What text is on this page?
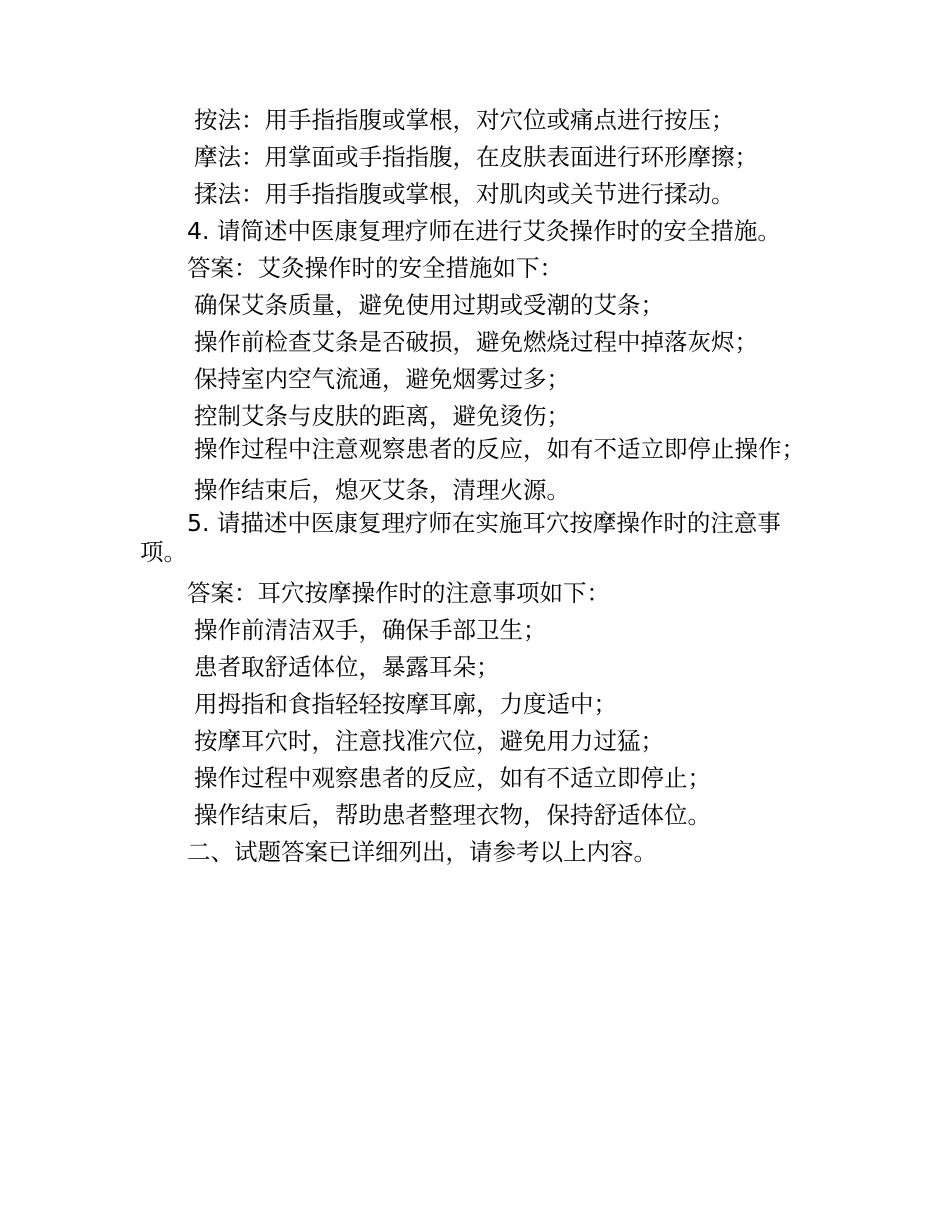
按法：用手指指腹或掌根，对穴位或痛点进行按压；
摩法：用掌面或手指指腹，在皮肤表面进行环形摩擦；
揉法：用手指指腹或掌根，对肌肉或关节进行揉动。
4. 请简述中医康复理疗师在进行艾灸操作时的安全措施。
答案：艾灸操作时的安全措施如下：
确保艾条质量，避免使用过期或受潮的艾条；
操作前检查艾条是否破损，避免燃烧过程中掉落灰烬；
保持室内空气流通，避免烟雾过多；
控制艾条与皮肤的距离，避免烫伤；
操作过程中注意观察患者的反应，如有不适立即停止操作；
操作结束后，熄灭艾条，清理火源。
5. 请描述中医康复理疗师在实施耳穴按摩操作时的注意事项。
答案：耳穴按摩操作时的注意事项如下：
操作前清洁双手，确保手部卫生；
患者取舒适体位，暴露耳朵；
用拇指和食指轻轻按摩耳廓，力度适中；
按摩耳穴时，注意找准穴位，避免用力过猛；
操作过程中观察患者的反应，如有不适立即停止；
操作结束后，帮助患者整理衣物，保持舒适体位。
二、试题答案已详细列出，请参考以上内容。
